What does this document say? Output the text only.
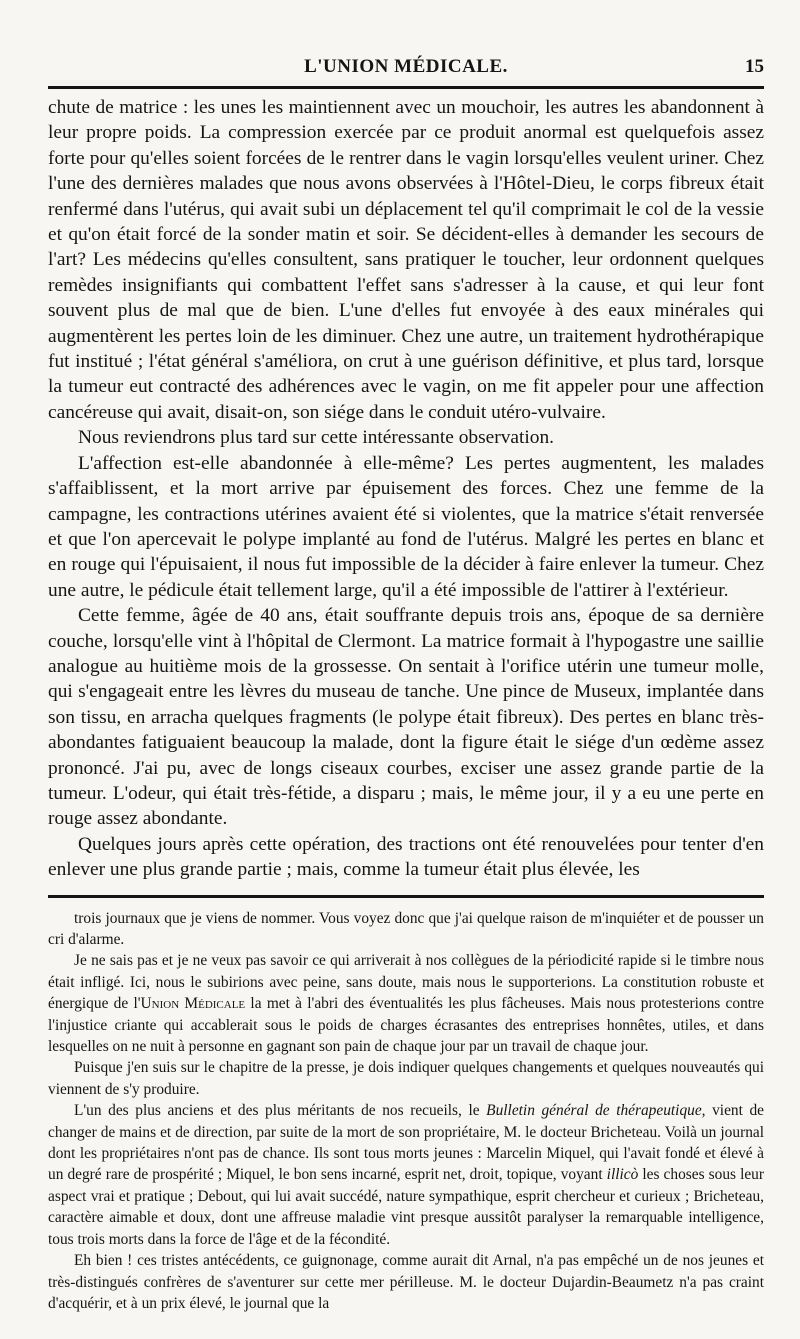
L'UNION MÉDICALE.	15

chute de matrice : les unes les maintiennent avec un mouchoir, les autres les abandonnent à leur propre poids. La compression exercée par ce produit anormal est quelquefois assez forte pour qu'elles soient forcées de le rentrer dans le vagin lorsqu'elles veulent uriner. Chez l'une des dernières malades que nous avons observées à l'Hôtel-Dieu, le corps fibreux était renfermé dans l'utérus, qui avait subi un déplacement tel qu'il comprimait le col de la vessie et qu'on était forcé de la sonder matin et soir. Se décident-elles à demander les secours de l'art? Les médecins qu'elles consultent, sans pratiquer le toucher, leur ordonnent quelques remèdes insignifiants qui combattent l'effet sans s'adresser à la cause, et qui leur font souvent plus de mal que de bien. L'une d'elles fut envoyée à des eaux minérales qui augmentèrent les pertes loin de les diminuer. Chez une autre, un traitement hydrothérapique fut institué ; l'état général s'améliora, on crut à une guérison définitive, et plus tard, lorsque la tumeur eut contracté des adhérences avec le vagin, on me fit appeler pour une affection cancéreuse qui avait, disait-on, son siége dans le conduit utéro-vulvaire.

Nous reviendrons plus tard sur cette intéressante observation.

L'affection est-elle abandonnée à elle-même? Les pertes augmentent, les malades s'affaiblissent, et la mort arrive par épuisement des forces. Chez une femme de la campagne, les contractions utérines avaient été si violentes, que la matrice s'était renversée et que l'on apercevait le polype implanté au fond de l'utérus. Malgré les pertes en blanc et en rouge qui l'épuisaient, il nous fut impossible de la décider à faire enlever la tumeur. Chez une autre, le pédicule était tellement large, qu'il a été impossible de l'attirer à l'extérieur.

Cette femme, âgée de 40 ans, était souffrante depuis trois ans, époque de sa dernière couche, lorsqu'elle vint à l'hôpital de Clermont. La matrice formait à l'hypogastre une saillie analogue au huitième mois de la grossesse. On sentait à l'orifice utérin une tumeur molle, qui s'engageait entre les lèvres du museau de tanche. Une pince de Museux, implantée dans son tissu, en arracha quelques fragments (le polype était fibreux). Des pertes en blanc très-abondantes fatiguaient beaucoup la malade, dont la figure était le siége d'un œdème assez prononcé. J'ai pu, avec de longs ciseaux courbes, exciser une assez grande partie de la tumeur. L'odeur, qui était très-fétide, a disparu ; mais, le même jour, il y a eu une perte en rouge assez abondante.

Quelques jours après cette opération, des tractions ont été renouvelées pour tenter d'en enlever une plus grande partie ; mais, comme la tumeur était plus élevée, les

trois journaux que je viens de nommer. Vous voyez donc que j'ai quelque raison de m'inquiéter et de pousser un cri d'alarme.

Je ne sais pas et je ne veux pas savoir ce qui arriverait à nos collègues de la périodicité rapide si le timbre nous était infligé. Ici, nous le subirions avec peine, sans doute, mais nous le supporterions. La constitution robuste et énergique de l'Union Médicale la met à l'abri des éventualités les plus fâcheuses. Mais nous protesterions contre l'injustice criante qui accablerait sous le poids de charges écrasantes des entreprises honnêtes, utiles, et dans lesquelles on ne nuit à personne en gagnant son pain de chaque jour par un travail de chaque jour.

Puisque j'en suis sur le chapitre de la presse, je dois indiquer quelques changements et quelques nouveautés qui viennent de s'y produire.

L'un des plus anciens et des plus méritants de nos recueils, le Bulletin général de thérapeutique, vient de changer de mains et de direction, par suite de la mort de son propriétaire, M. le docteur Bricheteau. Voilà un journal dont les propriétaires n'ont pas de chance. Ils sont tous morts jeunes : Marcelin Miquel, qui l'avait fondé et élevé à un degré rare de prospérité ; Miquel, le bon sens incarné, esprit net, droit, topique, voyant illicò les choses sous leur aspect vrai et pratique ; Debout, qui lui avait succédé, nature sympathique, esprit chercheur et curieux ; Bricheteau, caractère aimable et doux, dont une affreuse maladie vint presque aussitôt paralyser la remarquable intelligence, tous trois morts dans la force de l'âge et de la fécondité.

Eh bien ! ces tristes antécédents, ce guignonage, comme aurait dit Arnal, n'a pas empêché un de nos jeunes et très-distingués confrères de s'aventurer sur cette mer périlleuse. M. le docteur Dujardin-Beaumetz n'a pas craint d'acquérir, et à un prix élevé, le journal que la
